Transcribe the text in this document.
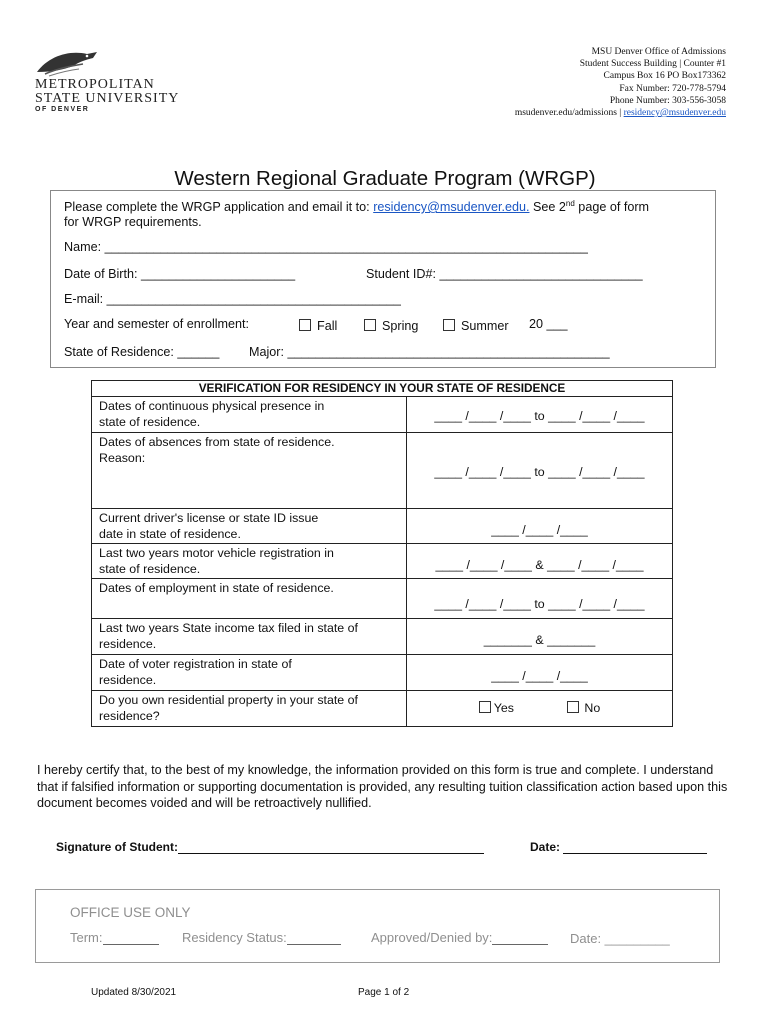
METROPOLITAN
STATE UNIVERSITY
OF DENVER
MSU Denver Office of Admissions
Student Success Building | Counter #1
Campus Box 16 PO Box173362
Fax Number: 720-778-5794
Phone Number: 303-556-3058
msudenver.edu/admissions | residency@msudenver.edu
Western Regional Graduate Program (WRGP)
Please complete the WRGP application and email it to: residency@msudenver.edu. See 2nd page of form
for WRGP requirements.
Name: _____________________________________________________________________
Date of Birth: ______________________	Student ID#: _____________________________
E-mail: __________________________________________
Year and semester of enrollment:	Fall	Spring	Summer 20 ___
State of Residence: ______ Major: ______________________________________________
VERIFICATION FOR RESIDENCY IN YOUR STATE OF RESIDENCE	

Dates of continuous physical presence in
state of residence.	____ /____ /____ to ____ /____ /____

Dates of absences from state of residence.
Reason:	____ /____ /____ to ____ /____ /____

Current driver's license or state ID issue
date in state of residence.	____ /____ /____

Last two years motor vehicle registration in
state of residence.	____ /____ /____ & ____ /____ /____

Dates of employment in state of residence.	____ /____ /____ to ____ /____ /____

Last two years State income tax filed in state of
residence.	_______ & _______

Date of voter registration in state of
residence.	____ /____ /____

Do you own residential property in your state of
residence?	Yes No
I hereby certify that, to the best of my knowledge, the information provided on this form is true and complete. I understand that if falsified information or supporting documentation is provided, any resulting tuition classification action based upon this document becomes voided and will be retroactively nullified.
Signature of Student:	Date:
OFFICE USE ONLY
Term:	Residency Status:	Approved/Denied by:	Date: _________
Updated 8/30/2021	Page 1 of 2
